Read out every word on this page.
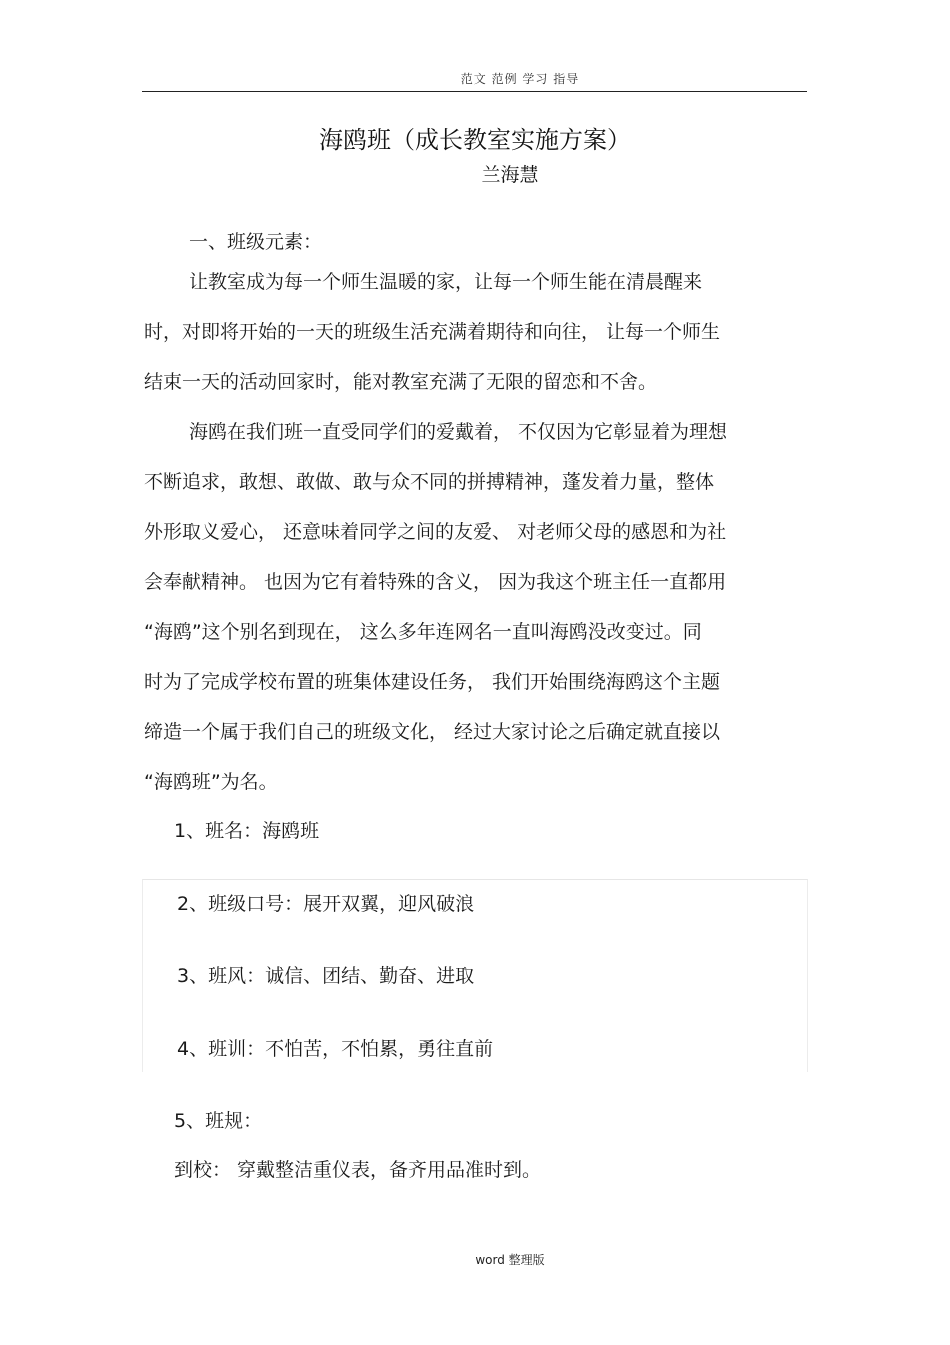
范文 范例 学习 指导
海鸥班（成长教室实施方案）
兰海慧
一、班级元素：
让教室成为每一个师生温暖的家，让每一个师生能在清晨醒来
时，对即将开始的一天的班级生活充满着期待和向往， 让每一个师生
结束一天的活动回家时，能对教室充满了无限的留恋和不舍。
海鸥在我们班一直受同学们的爱戴着， 不仅因为它彰显着为理想
不断追求，敢想、敢做、敢与众不同的拼搏精神，蓬发着力量，整体
外形取义爱心， 还意味着同学之间的友爱、 对老师父母的感恩和为社
会奉献精神。 也因为它有着特殊的含义， 因为我这个班主任一直都用
“海鸥”这个别名到现在， 这么多年连网名一直叫海鸥没改变过。同
时为了完成学校布置的班集体建设任务， 我们开始围绕海鸥这个主题
缔造一个属于我们自己的班级文化， 经过大家讨论之后确定就直接以
“海鸥班”为名。
1、班名：海鸥班
2、班级口号：展开双翼，迎风破浪
3、班风：诚信、团结、勤奋、进取
4、班训：不怕苦，不怕累，勇往直前
5、班规：
到校： 穿戴整洁重仪表，备齐用品准时到。
word 整理版
